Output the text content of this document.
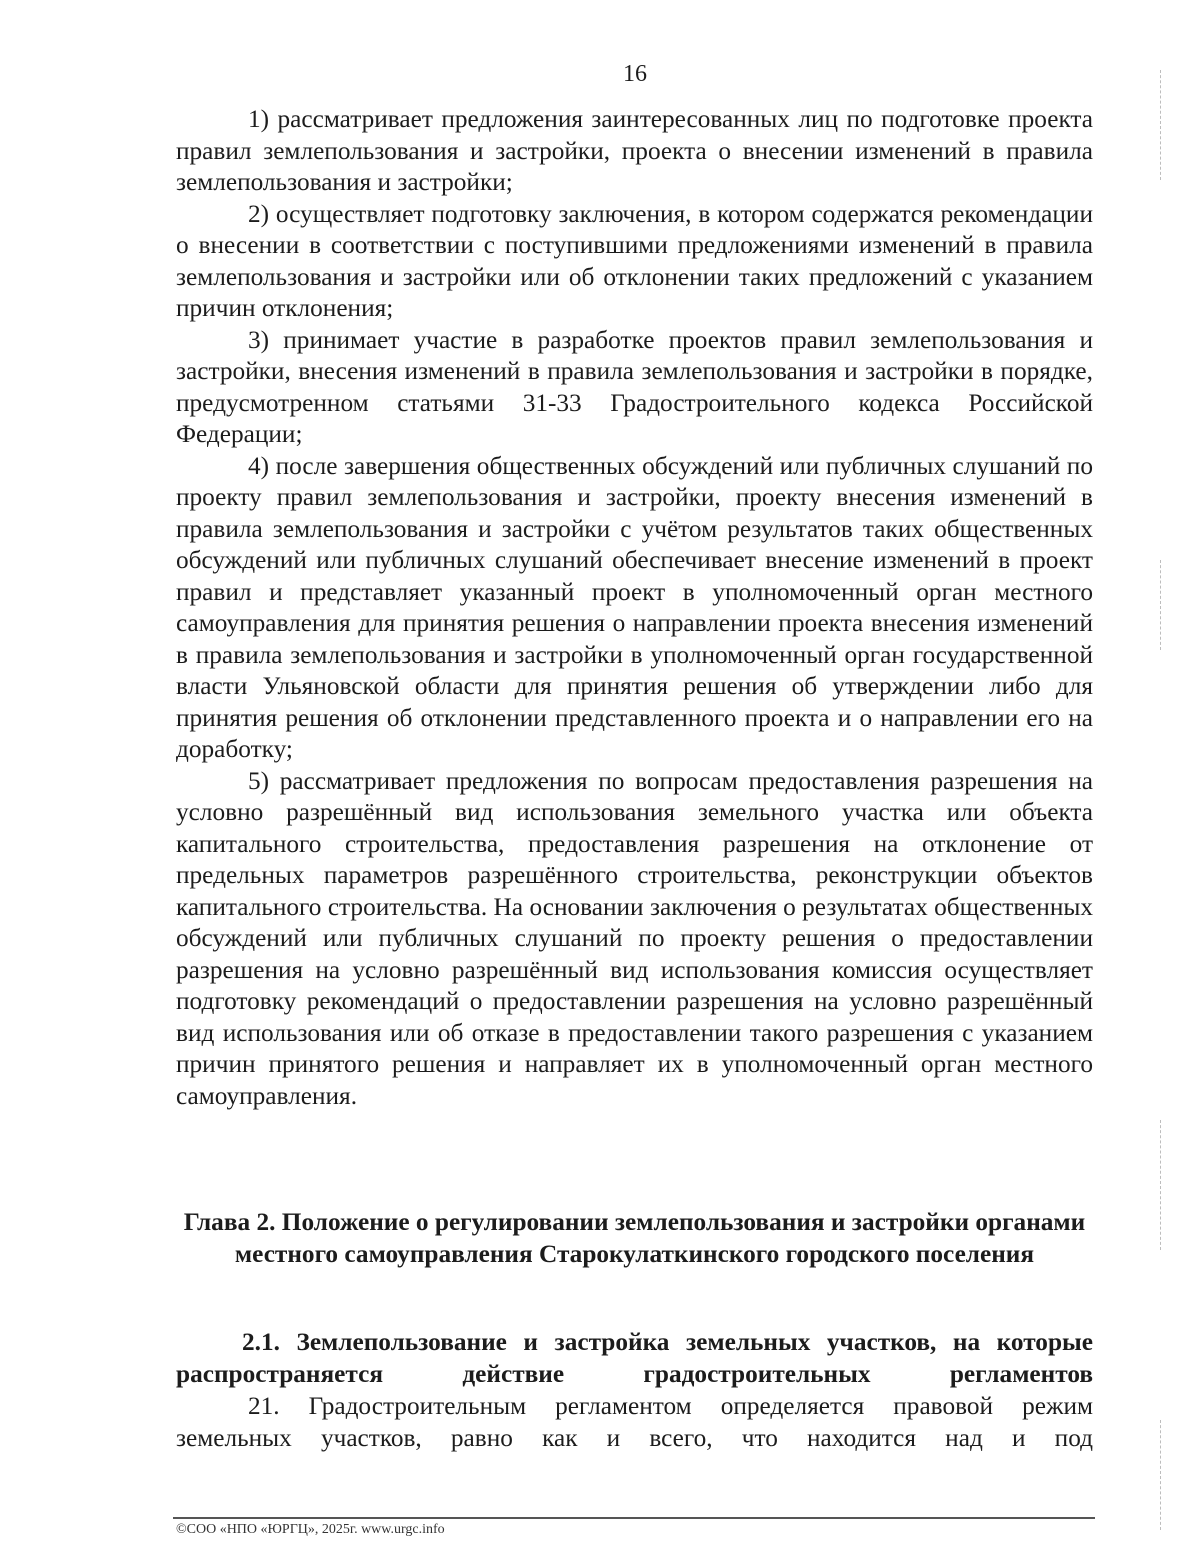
16

1) рассматривает предложения заинтересованных лиц по подготовке проекта правил землепользования и застройки, проекта о внесении изменений в правила землепользования и застройки;

2) осуществляет подготовку заключения, в котором содержатся рекомендации о внесении в соответствии с поступившими предложениями изменений в правила землепользования и застройки или об отклонении таких предложений с указанием причин отклонения;

3) принимает участие в разработке проектов правил землепользования и застройки, внесения изменений в правила землепользования и застройки в порядке, предусмотренном статьями 31-33 Градостроительного кодекса Российской Федерации;

4) после завершения общественных обсуждений или публичных слушаний по проекту правил землепользования и застройки, проекту внесения изменений в правила землепользования и застройки с учётом результатов таких общественных обсуждений или публичных слушаний обеспечивает внесение изменений в проект правил и представляет указанный проект в уполномоченный орган местного самоуправления для принятия решения о направлении проекта внесения изменений в правила землепользования и застройки в уполномоченный орган государственной власти Ульяновской области для принятия решения об утверждении либо для принятия решения об отклонении представленного проекта и о направлении его на доработку;

5) рассматривает предложения по вопросам предоставления разрешения на условно разрешённый вид использования земельного участка или объекта капитального строительства, предоставления разрешения на отклонение от предельных параметров разрешённого строительства, реконструкции объектов капитального строительства. На основании заключения о результатах общественных обсуждений или публичных слушаний по проекту решения о предоставлении разрешения на условно разрешённый вид использования комиссия осуществляет подготовку рекомендаций о предоставлении разрешения на условно разрешённый вид использования или об отказе в предоставлении такого разрешения с указанием причин принятого решения и направляет их в уполномоченный орган местного самоуправления.

Глава 2. Положение о регулировании землепользования и застройки органами местного самоуправления Старокулаткинского городского поселения
2.1. Землепользование и застройка земельных участков, на которые распространяется действие градостроительных регламентов
21. Градостроительным регламентом определяется правовой режим земельных участков, равно как и всего, что находится над и под
©СОО «НПО «ЮРГЦ», 2025г. www.urgc.info
